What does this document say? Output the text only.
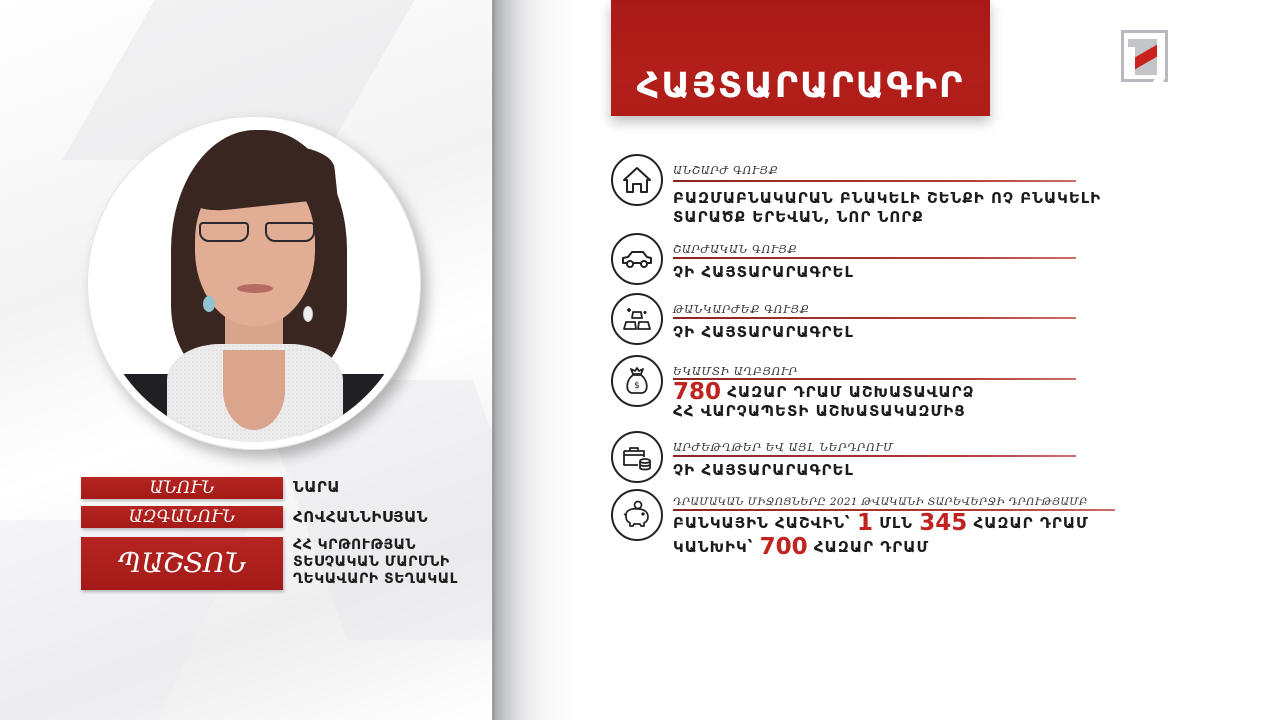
ԱՆՈՒՆ	ՆԱՐԱ
ԱԶԳԱՆՈՒՆ	ՀՈՎՀԱՆՆԻՍՅԱՆ
ՊԱՇՏՈՆ
ՀՀ ԿՐԹՈՒԹՅԱՆ
ՏԵՍՉԱԿԱՆ ՄԱՐՄՆԻ
ՂԵԿԱՎԱՐԻ ՏԵՂԱԿԱԼ
ՀԱՅՏԱՐԱՐԱԳԻՐ
ԱՆՇԱՐԺ ԳՈՒՅՔ
ԲԱԶՄԱԲՆԱԿԱՐԱՆ ԲՆԱԿԵԼԻ ՇԵՆՔԻ ՈՉ ԲՆԱԿԵԼԻ
ՏԱՐԱԾՔ ԵՐԵՎԱՆ, ՆՈՐ ՆՈՐՔ
ՇԱՐԺԱԿԱՆ ԳՈՒՅՔ
ՉԻ ՀԱՅՏԱՐԱՐԱԳՐԵԼ
ԹԱՆԿԱՐԺԵՔ ԳՈՒՅՔ
ՉԻ ՀԱՅՏԱՐԱՐԱԳՐԵԼ
$
ԵԿԱՄՏԻ ԱՂԲՅՈՒՐ
780 ՀԱԶԱՐ ԴՐԱՄ ԱՇԽԱՏԱՎԱՐՁ
ՀՀ ՎԱՐՉԱՊԵՏԻ ԱՇԽԱՏԱԿԱԶՄԻՑ
ԱՐԺԵԹՂԹԵՐ ԵՎ ԱՅԼ ՆԵՐԴՐՈՒՄ
ՉԻ ՀԱՅՏԱՐԱՐԱԳՐԵԼ
ԴՐԱՄԱԿԱՆ ՄԻՋՈՑՆԵՐԸ 2021 ԹՎԱԿԱՆԻ ՏԱՐԵՎԵՐՋԻ ԴՐՈՒԹՅԱՄԲ
ԲԱՆԿԱՅԻՆ ՀԱՇՎԻՆ՝ 1 ՄԼՆ 345 ՀԱԶԱՐ ԴՐԱՄ
ԿԱՆԽԻԿ՝ 700 ՀԱԶԱՐ ԴՐԱՄ
